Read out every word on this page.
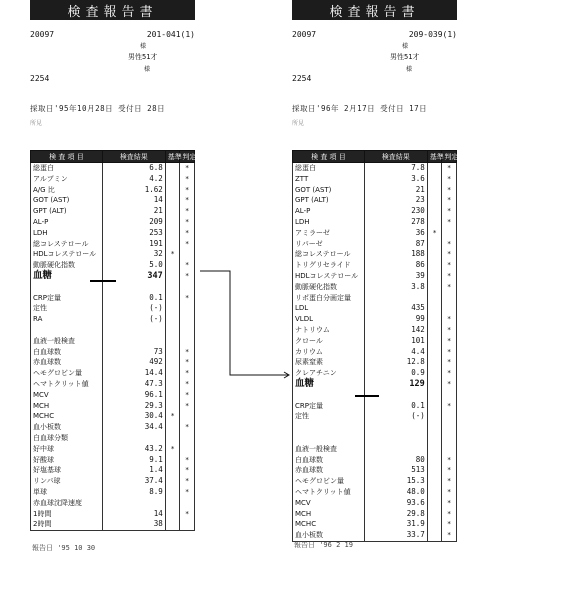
検査報告書
20097	201-041(1)
様
男性51才
様
2254
採取日'95年10月28日 受付日 28日
所見
検 査 項 目	検査結果	基準	判定
総蛋白	6.8		*
アルブミン	4.2		*
A/G 比	1.62		*
GOT (AST)	14		*
GPT (ALT)	21		*
AL-P	209		*
LDH	253		*
総コレステロール	191		*
HDLコレステロール	32	*	
動脈硬化指数	5.0		*
血糖	347		*

CRP定量	0.1		*
定性	(-)		
RA	(-)		

血液一般検査			
白血球数	73		*
赤血球数	492		*
ヘモグロビン量	14.4		*
ヘマトクリット値	47.3		*
MCV	96.1		*
MCH	29.3		*
MCHC	30.4	*	
血小板数	34.4		*
白血球分類			
好中球	43.2	*	
好酸球	9.1		*
好塩基球	1.4		*
リンパ球	37.4		*
単球	8.9		*
赤血球沈降速度			
1時間	14		*
2時間	38		
検査報告書
20097	209-039(1)
様
男性51才
様
2254
採取日'96年 2月17日 受付日 17日
所見
検 査 項 目	検査結果	基準	判定
総蛋白	7.8		*
ZTT	3.6		*
GOT (AST)	21		*
GPT (ALT)	23		*
AL-P	230		*
LDH	278		*
アミラーゼ	36	*	
リパーゼ	87		*
総コレステロール	188		*
トリグリセライド	86		*
HDLコレステロール	39		*
動脈硬化指数	3.8		*
リポ蛋白分画定量			
LDL	435		
VLDL	99		*
ナトリウム	142		*
クロール	101		*
カリウム	4.4		*
尿素窒素	12.8		*
クレアチニン	0.9		*
血糖	129		*

CRP定量	0.1		*
定性	(-)		

血液一般検査			
白血球数	80		*
赤血球数	513		*
ヘモグロビン量	15.3		*
ヘマトクリット値	48.0		*
MCV	93.6		*
MCH	29.8		*
MCHC	31.9		*
血小板数	33.7		*
報告日 '95 10 30	報告日 '96 2 19
